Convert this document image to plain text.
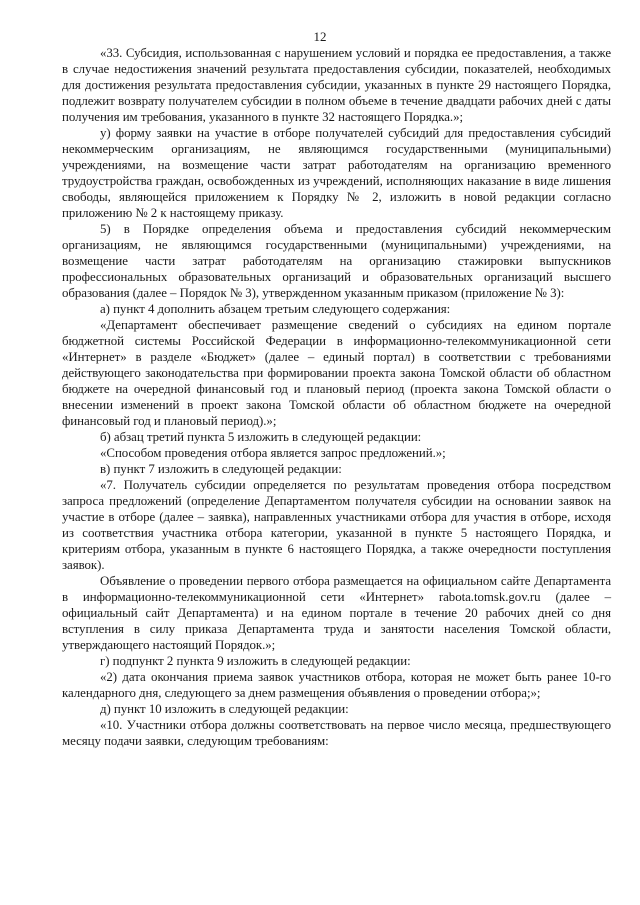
12

«33. Субсидия, использованная с нарушением условий и порядка ее предоставления, а также в случае недостижения значений результата предоставления субсидии, показателей, необходимых для достижения результата предоставления субсидии, указанных в пункте 29 настоящего Порядка, подлежит возврату получателем субсидии в полном объеме в течение двадцати рабочих дней с даты получения им требования, указанного в пункте 32 настоящего Порядка.»;

у) форму заявки на участие в отборе получателей субсидий для предоставления субсидий некоммерческим организациям, не являющимся государственными (муниципальными) учреждениями, на возмещение части затрат работодателям на организацию временного трудоустройства граждан, освобожденных из учреждений, исполняющих наказание в виде лишения свободы, являющейся приложением к Порядку № 2, изложить в новой редакции согласно приложению № 2 к настоящему приказу.

5) в Порядке определения объема и предоставления субсидий некоммерческим организациям, не являющимся государственными (муниципальными) учреждениями, на возмещение части затрат работодателям на организацию стажировки выпускников профессиональных образовательных организаций и образовательных организаций высшего образования (далее – Порядок № 3), утвержденном указанным приказом (приложение № 3):

а) пункт 4 дополнить абзацем третьим следующего содержания:

«Департамент обеспечивает размещение сведений о субсидиях на едином портале бюджетной системы Российской Федерации в информационно-телекоммуникационной сети «Интернет» в разделе «Бюджет» (далее – единый портал) в соответствии с требованиями действующего законодательства при формировании проекта закона Томской области об областном бюджете на очередной финансовый год и плановый период (проекта закона Томской области о внесении изменений в проект закона Томской области об областном бюджете на очередной финансовый год и плановый период).»;

б) абзац третий пункта 5 изложить в следующей редакции:

«Способом проведения отбора является запрос предложений.»;

в) пункт 7 изложить в следующей редакции:

«7. Получатель субсидии определяется по результатам проведения отбора посредством запроса предложений (определение Департаментом получателя субсидии на основании заявок на участие в отборе (далее – заявка), направленных участниками отбора для участия в отборе, исходя из соответствия участника отбора категории, указанной в пункте 5 настоящего Порядка, и критериям отбора, указанным в пункте 6 настоящего Порядка, а также очередности поступления заявок).

Объявление о проведении первого отбора размещается на официальном сайте Департамента в информационно-телекоммуникационной сети «Интернет» rabota.tomsk.gov.ru (далее – официальный сайт Департамента) и на едином портале в течение 20 рабочих дней со дня вступления в силу приказа Департамента труда и занятости населения Томской области, утверждающего настоящий Порядок.»;

г) подпункт 2 пункта 9 изложить в следующей редакции:

«2) дата окончания приема заявок участников отбора, которая не может быть ранее 10-го календарного дня, следующего за днем размещения объявления о проведении отбора;»;

д) пункт 10 изложить в следующей редакции:

«10. Участники отбора должны соответствовать на первое число месяца, предшествующего месяцу подачи заявки, следующим требованиям:
